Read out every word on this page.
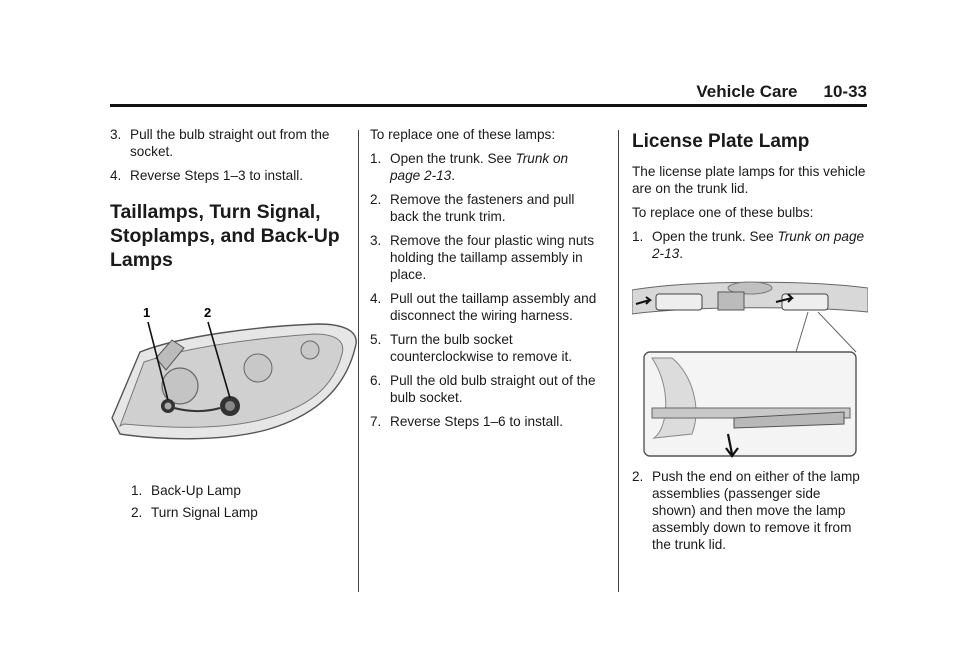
Vehicle Care 10-33
3. Pull the bulb straight out from the socket.
4. Reverse Steps 1–3 to install.
Taillamps, Turn Signal, Stoplamps, and Back-Up Lamps
1	2
1. Back-Up Lamp
2. Turn Signal Lamp

To replace one of these lamps:

1. Open the trunk. See Trunk on page 2-13.
2. Remove the fasteners and pull back the trunk trim.
3. Remove the four plastic wing nuts holding the taillamp assembly in place.
4. Pull out the taillamp assembly and disconnect the wiring harness.
5. Turn the bulb socket counterclockwise to remove it.
6. Pull the old bulb straight out of the bulb socket.
7. Reverse Steps 1–6 to install.
License Plate Lamp

The license plate lamps for this vehicle are on the trunk lid.

To replace one of these bulbs:

1. Open the trunk. See Trunk on page 2-13.
2. Push the end on either of the lamp assemblies (passenger side shown) and then move the lamp assembly down to remove it from the trunk lid.
